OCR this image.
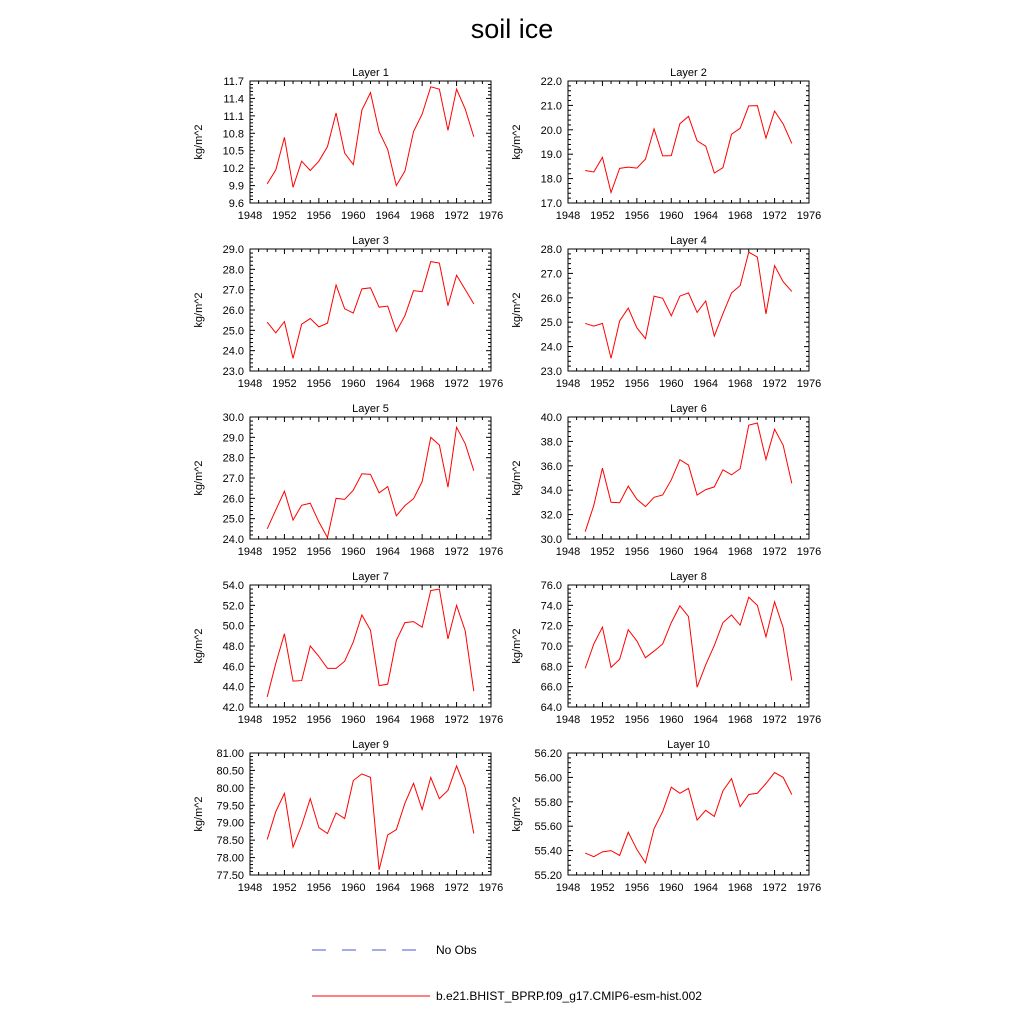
soil ice
Layer 1
kg/m^2
1948 1952 1956 1960 1964 1968 1972 1976
9.6
9.9
10.2
10.5
10.8
11.1
11.4
11.7
Layer 2
kg/m^2
1948 1952 1956 1960 1964 1968 1972 1976
17.0
18.0
19.0
20.0
21.0
22.0
Layer 3
kg/m^2
1948 1952 1956 1960 1964 1968 1972 1976
23.0
24.0
25.0
26.0
27.0
28.0
29.0
Layer 4
kg/m^2
1948 1952 1956 1960 1964 1968 1972 1976
23.0
24.0
25.0
26.0
27.0
28.0
Layer 5
kg/m^2
1948 1952 1956 1960 1964 1968 1972 1976
24.0
25.0
26.0
27.0
28.0
29.0
30.0
Layer 6
kg/m^2
1948 1952 1956 1960 1964 1968 1972 1976
30.0
32.0
34.0
36.0
38.0
40.0
Layer 7
kg/m^2
1948 1952 1956 1960 1964 1968 1972 1976
42.0
44.0
46.0
48.0
50.0
52.0
54.0
Layer 8
kg/m^2
1948 1952 1956 1960 1964 1968 1972 1976
64.0
66.0
68.0
70.0
72.0
74.0
76.0
Layer 9
kg/m^2
1948 1952 1956 1960 1964 1968 1972 1976
77.50
78.00
78.50
79.00
79.50
80.00
80.50
81.00
Layer 10
kg/m^2
1948 1952 1956 1960 1964 1968 1972 1976
55.20
55.40
55.60
55.80
56.00
56.20
No Obs
b.e21.BHIST_BPRP.f09_g17.CMIP6-esm-hist.002
